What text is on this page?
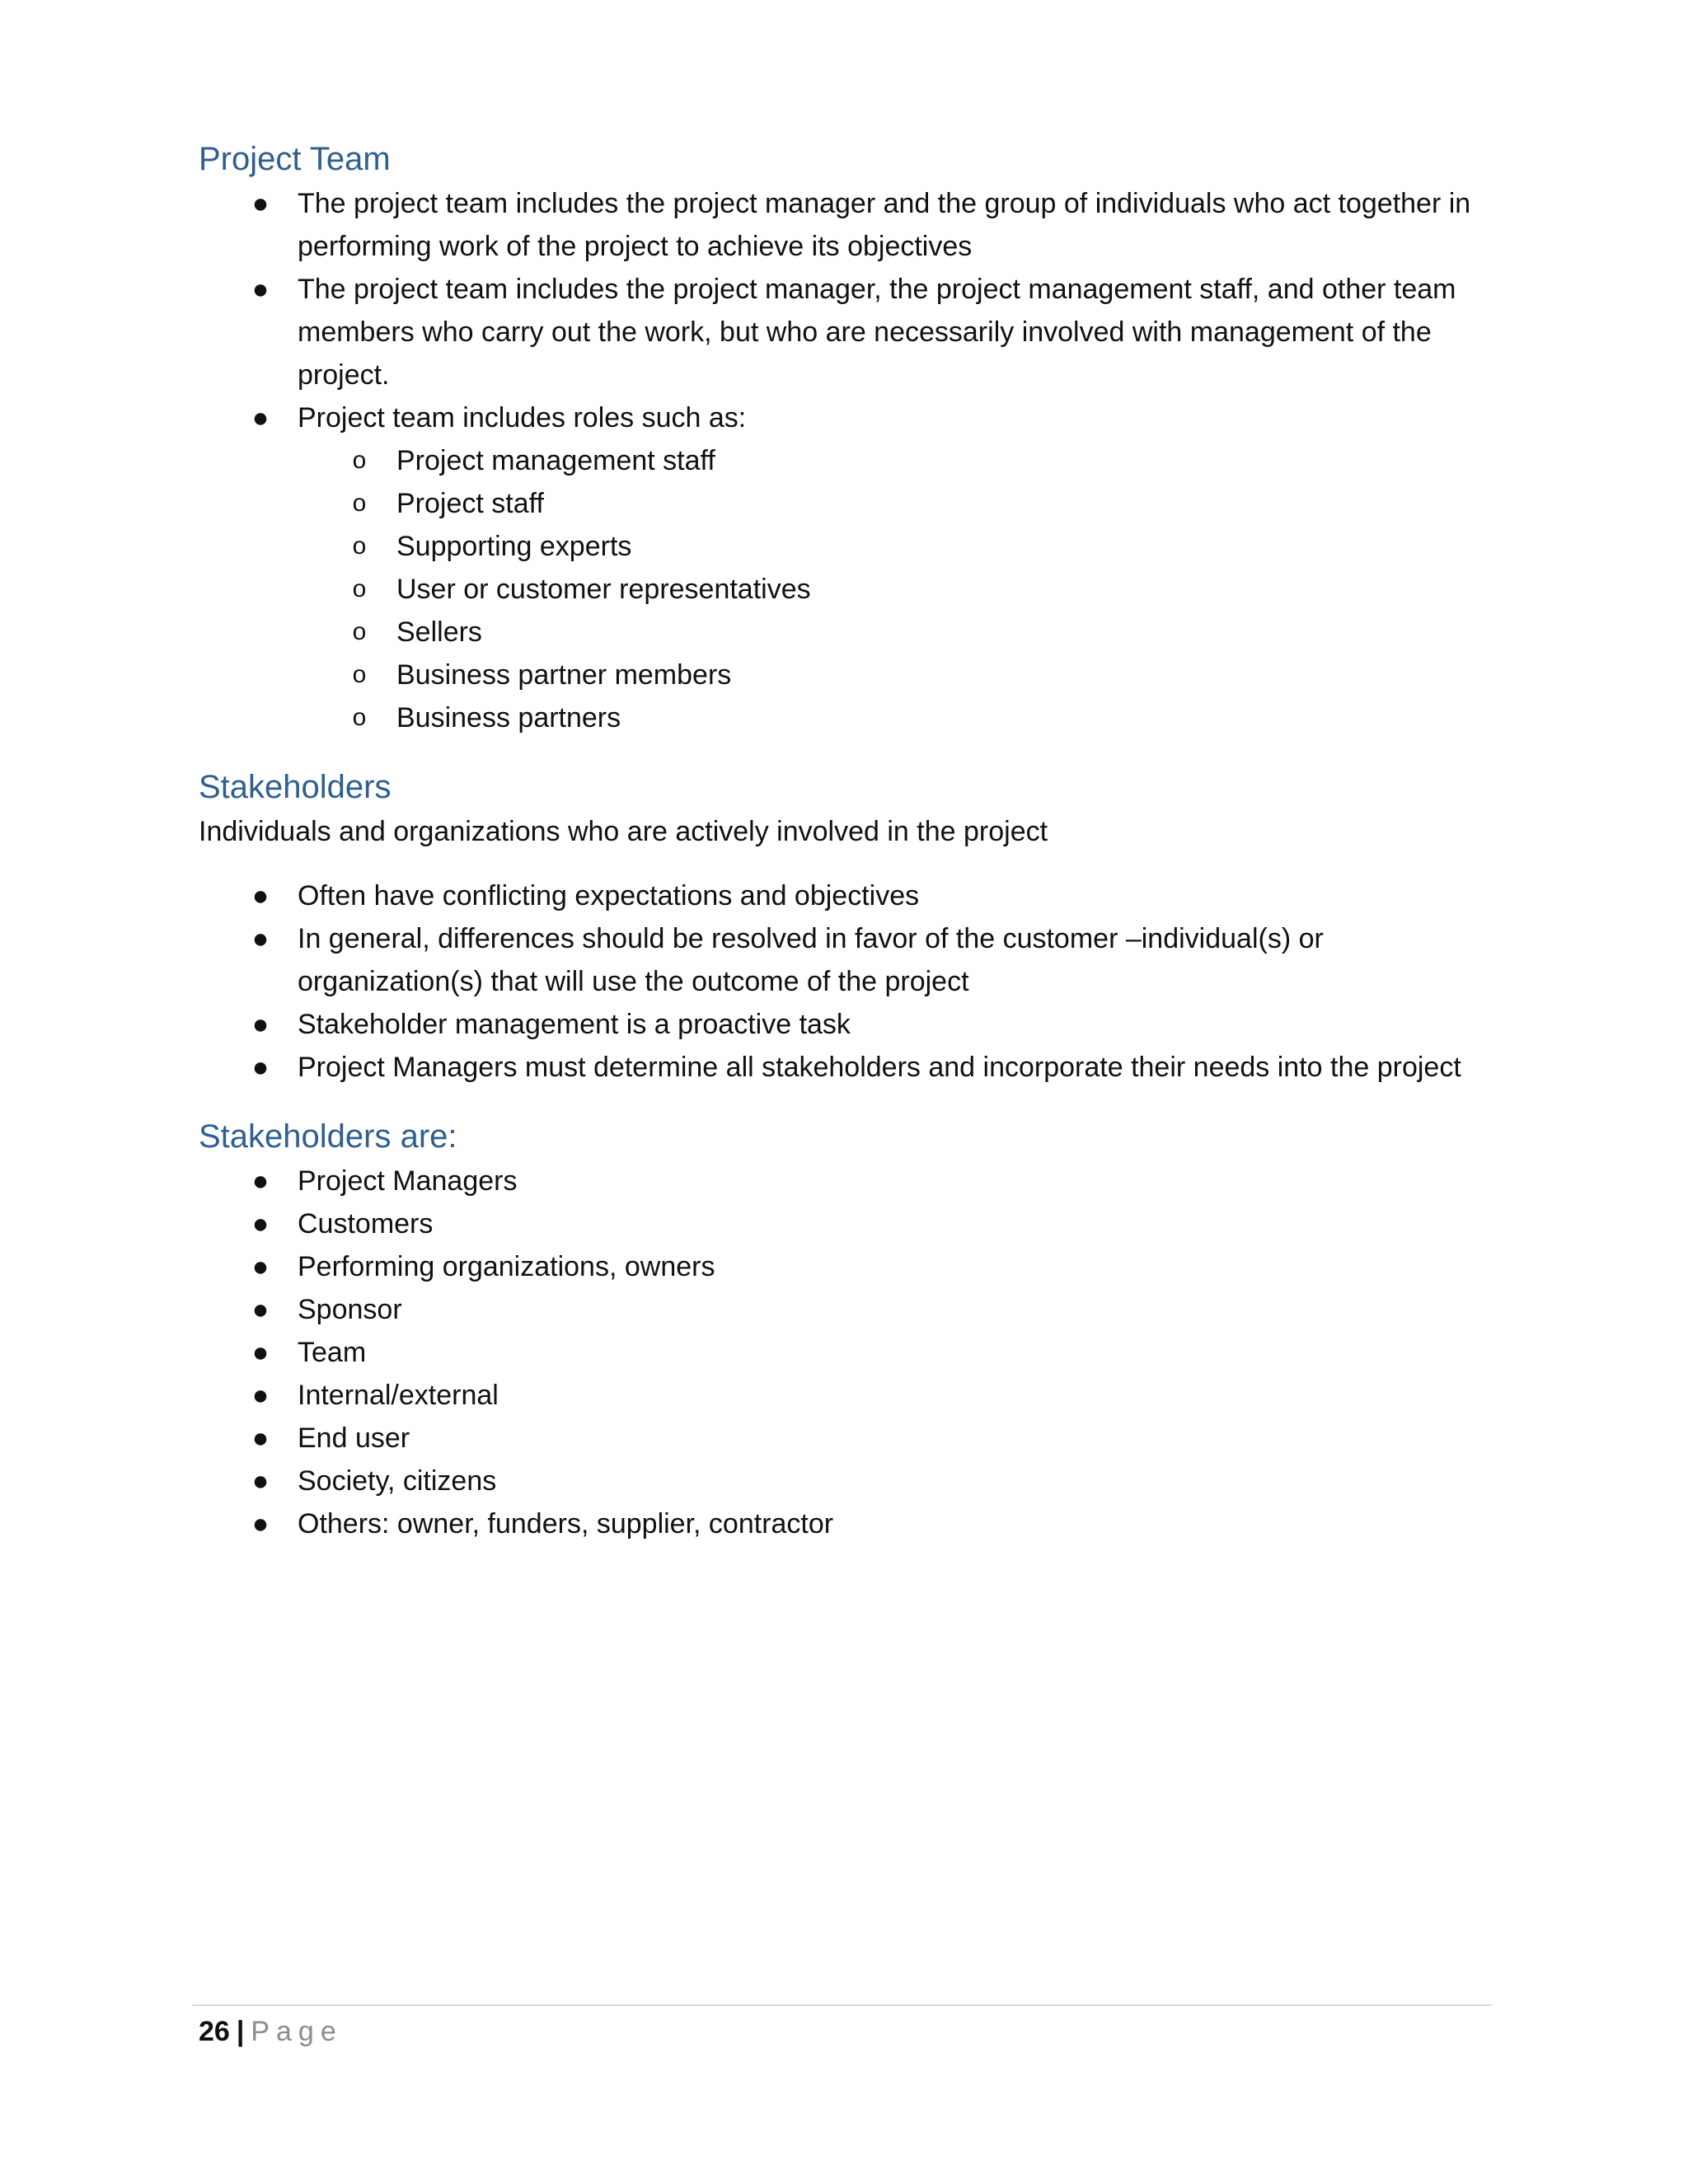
Project Team
● The project team includes the project manager and the group of individuals who act together in performing work of the project to achieve its objectives
● The project team includes the project manager, the project management staff, and other team members who carry out the work, but who are necessarily involved with management of the project.
● Project team includes roles such as:
o Project management staff
o Project staff
o Supporting experts
o User or customer representatives
o Sellers
o Business partner members
o Business partners
Stakeholders

Individuals and organizations who are actively involved in the project

● Often have conflicting expectations and objectives
● In general, differences should be resolved in favor of the customer –individual(s) or organization(s) that will use the outcome of the project
● Stakeholder management is a proactive task
● Project Managers must determine all stakeholders and incorporate their needs into the project
Stakeholders are:
● Project Managers
● Customers
● Performing organizations, owners
● Sponsor
● Team
● Internal/external
● End user
● Society, citizens
● Others: owner, funders, supplier, contractor
26 | Page
